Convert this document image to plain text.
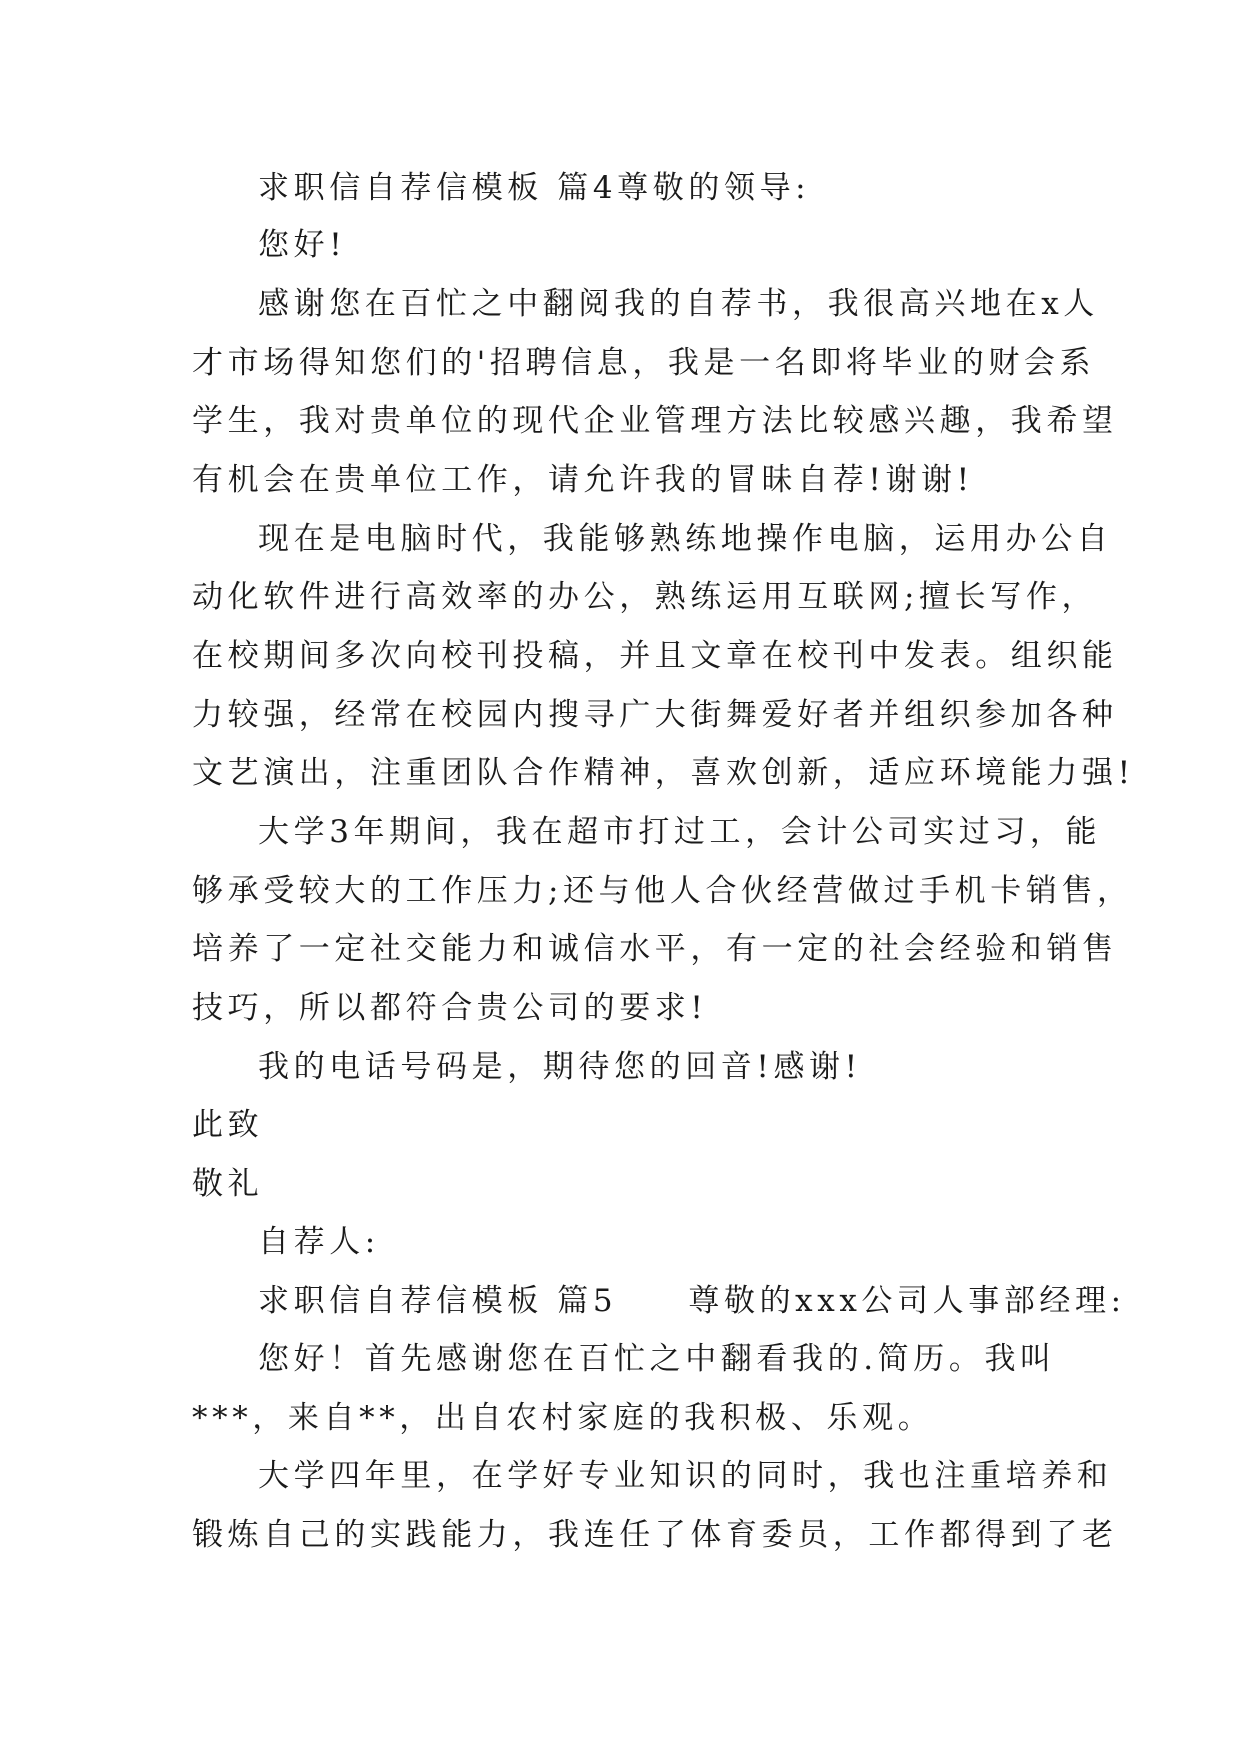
求职信自荐信模板 篇4尊敬的领导:
您好!
感谢您在百忙之中翻阅我的自荐书，我很高兴地在x人
才市场得知您们的'招聘信息，我是一名即将毕业的财会系
学生，我对贵单位的现代企业管理方法比较感兴趣，我希望
有机会在贵单位工作，请允许我的冒昧自荐!谢谢!
现在是电脑时代，我能够熟练地操作电脑，运用办公自
动化软件进行高效率的办公，熟练运用互联网;擅长写作，
在校期间多次向校刊投稿，并且文章在校刊中发表。组织能
力较强，经常在校园内搜寻广大街舞爱好者并组织参加各种
文艺演出，注重团队合作精神，喜欢创新，适应环境能力强!
大学3年期间，我在超市打过工，会计公司实过习，能
够承受较大的工作压力;还与他人合伙经营做过手机卡销售，
培养了一定社交能力和诚信水平，有一定的社会经验和销售
技巧，所以都符合贵公司的要求!
我的电话号码是，期待您的回音!感谢!
此致
敬礼
自荐人:
求职信自荐信模板 篇5　　尊敬的xxx公司人事部经理:
您好！首先感谢您在百忙之中翻看我的.简历。我叫
***，来自**，出自农村家庭的我积极、乐观。
大学四年里，在学好专业知识的同时，我也注重培养和
锻炼自己的实践能力，我连任了体育委员，工作都得到了老
